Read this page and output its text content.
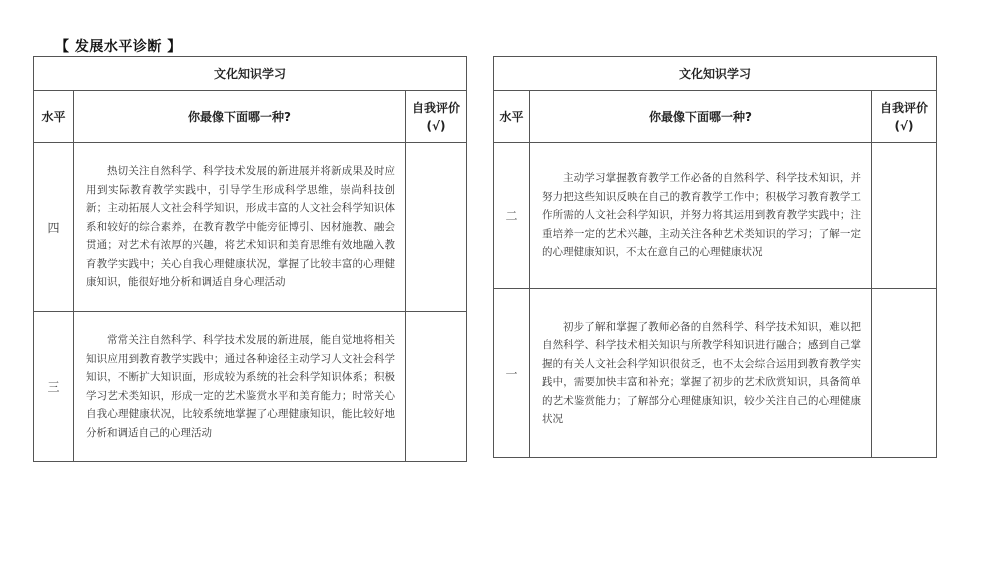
【 发展水平诊断 】
文化知识学习		
水平	你最像下面哪一种?	自我评价
(√)

四	热切关注自然科学、科学技术发展的新进展并将新成果及时应用到实际教育教学实践中，引导学生形成科学思维，崇尚科技创新；主动拓展人文社会科学知识，形成丰富的人文社会科学知识体系和较好的综合素养，在教育教学中能旁征博引、因材施教、融会贯通；对艺术有浓厚的兴趣，将艺术知识和美育思维有效地融入教育教学实践中；关心自我心理健康状况，掌握了比较丰富的心理健康知识，能很好地分析和调适自身心理活动	
三	常常关注自然科学、科学技术发展的新进展，能自觉地将相关知识应用到教育教学实践中；通过各种途径主动学习人文社会科学知识，不断扩大知识面，形成较为系统的社会科学知识体系；积极学习艺术类知识，形成一定的艺术鉴赏水平和美育能力；时常关心自我心理健康状况，比较系统地掌握了心理健康知识，能比较好地分析和调适自己的心理活动	
文化知识学习		
水平	你最像下面哪一种?	自我评价
(√)

二	主动学习掌握教育教学工作必备的自然科学、科学技术知识，并努力把这些知识反映在自己的教育教学工作中；积极学习教育教学工作所需的人文社会科学知识，并努力将其运用到教育教学实践中；注重培养一定的艺术兴趣，主动关注各种艺术类知识的学习；了解一定的心理健康知识，不太在意自己的心理健康状况	
一	初步了解和掌握了教师必备的自然科学、科学技术知识，难以把自然科学、科学技术相关知识与所教学科知识进行融合；感到自己掌握的有关人文社会科学知识很贫乏，也不太会综合运用到教育教学实践中，需要加快丰富和补充；掌握了初步的艺术欣赏知识，具备简单的艺术鉴赏能力；了解部分心理健康知识，较少关注自己的心理健康状况	
